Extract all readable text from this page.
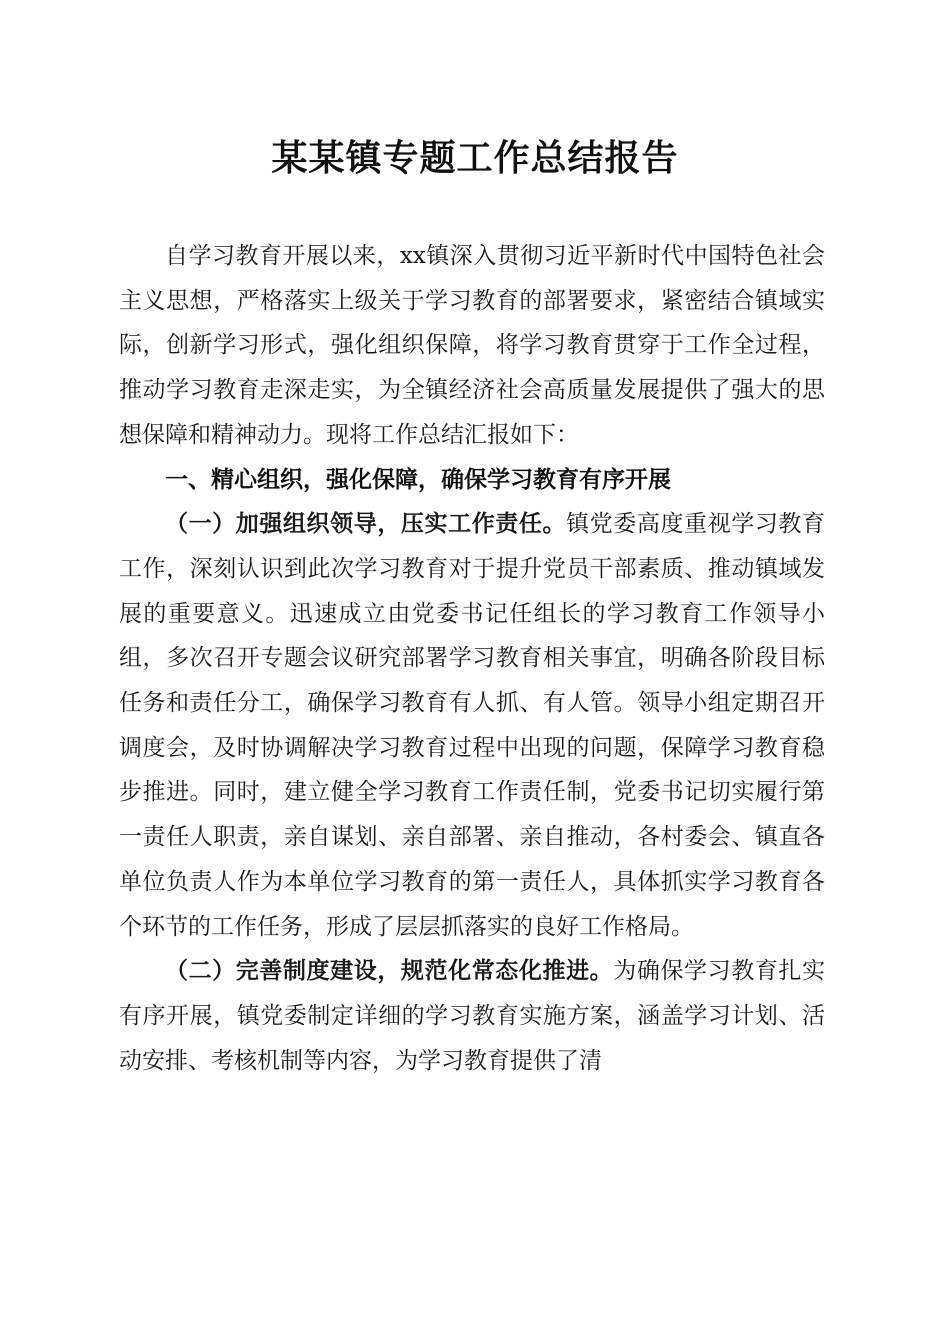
某某镇专题工作总结报告

自学习教育开展以来，xx镇深入贯彻习近平新时代中国特色社会主义思想，严格落实上级关于学习教育的部署要求，紧密结合镇域实际，创新学习形式，强化组织保障，将学习教育贯穿于工作全过程，推动学习教育走深走实，为全镇经济社会高质量发展提供了强大的思想保障和精神动力。现将工作总结汇报如下：

一、精心组织，强化保障，确保学习教育有序开展

（一）加强组织领导，压实工作责任。镇党委高度重视学习教育工作，深刻认识到此次学习教育对于提升党员干部素质、推动镇域发展的重要意义。迅速成立由党委书记任组长的学习教育工作领导小组，多次召开专题会议研究部署学习教育相关事宜，明确各阶段目标任务和责任分工，确保学习教育有人抓、有人管。领导小组定期召开调度会，及时协调解决学习教育过程中出现的问题，保障学习教育稳步推进。同时，建立健全学习教育工作责任制，党委书记切实履行第一责任人职责，亲自谋划、亲自部署、亲自推动，各村委会、镇直各单位负责人作为本单位学习教育的第一责任人，具体抓实学习教育各个环节的工作任务，形成了层层抓落实的良好工作格局。

（二）完善制度建设，规范化常态化推进。为确保学习教育扎实有序开展，镇党委制定详细的学习教育实施方案，涵盖学习计划、活动安排、考核机制等内容，为学习教育提供了清
